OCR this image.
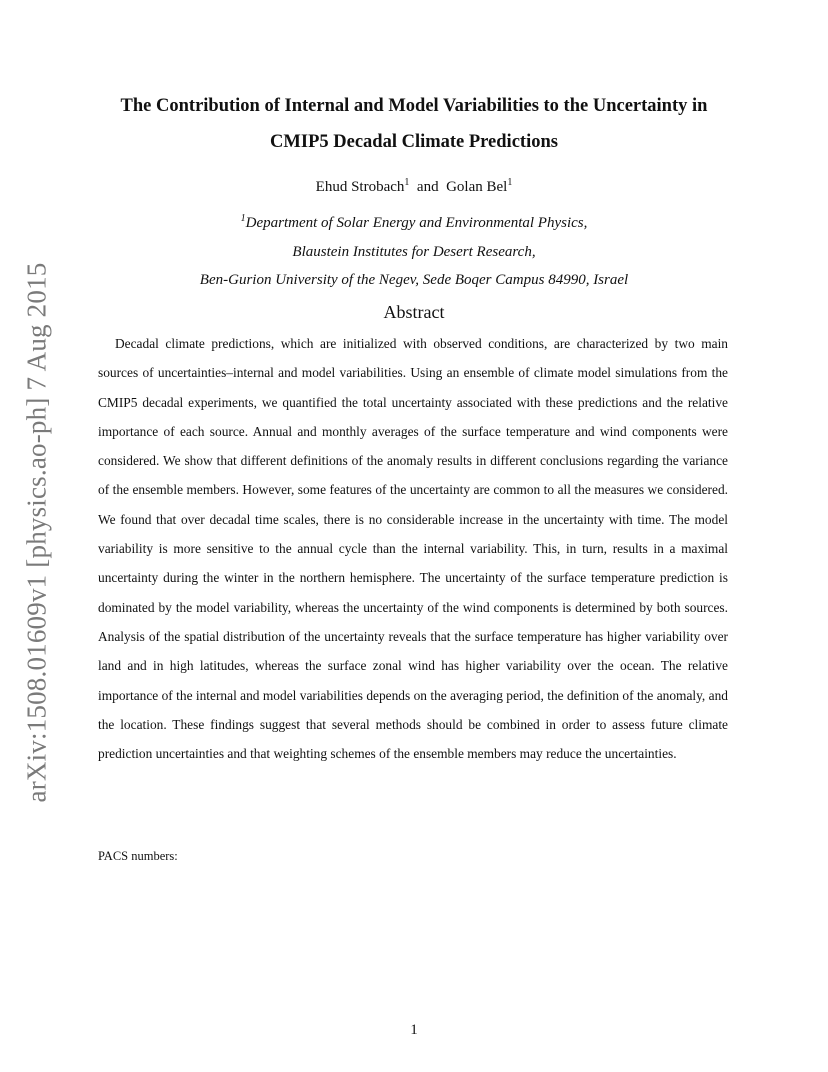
arXiv:1508.01609v1 [physics.ao-ph] 7 Aug 2015
The Contribution of Internal and Model Variabilities to the Uncertainty in
CMIP5 Decadal Climate Predictions
Ehud Strobach$^1$ and Golan Bel$^1$
$^1$Department of Solar Energy and Environmental Physics,
Blaustein Institutes for Desert Research,
Ben-Gurion University of the Negev, Sede Boqer Campus 84990, Israel
Abstract

Decadal climate predictions, which are initialized with observed conditions, are characterized by two main sources of uncertainties–internal and model variabilities. Using an ensemble of climate model simulations from the CMIP5 decadal experiments, we quantified the total uncertainty associated with these predictions and the relative importance of each source. Annual and monthly averages of the surface temperature and wind components were considered. We show that different definitions of the anomaly results in different conclusions regarding the variance of the ensemble members. However, some features of the uncertainty are common to all the measures we considered. We found that over decadal time scales, there is no considerable increase in the uncertainty with time. The model variability is more sensitive to the annual cycle than the internal variability. This, in turn, results in a maximal uncertainty during the winter in the northern hemisphere. The uncertainty of the surface temperature prediction is dominated by the model variability, whereas the uncertainty of the wind components is determined by both sources. Analysis of the spatial distribution of the uncertainty reveals that the surface temperature has higher variability over land and in high latitudes, whereas the surface zonal wind has higher variability over the ocean. The relative importance of the internal and model variabilities depends on the averaging period, the definition of the anomaly, and the location. These findings suggest that several methods should be combined in order to assess future climate prediction uncertainties and that weighting schemes of the ensemble members may reduce the uncertainties.

PACS numbers:
1
